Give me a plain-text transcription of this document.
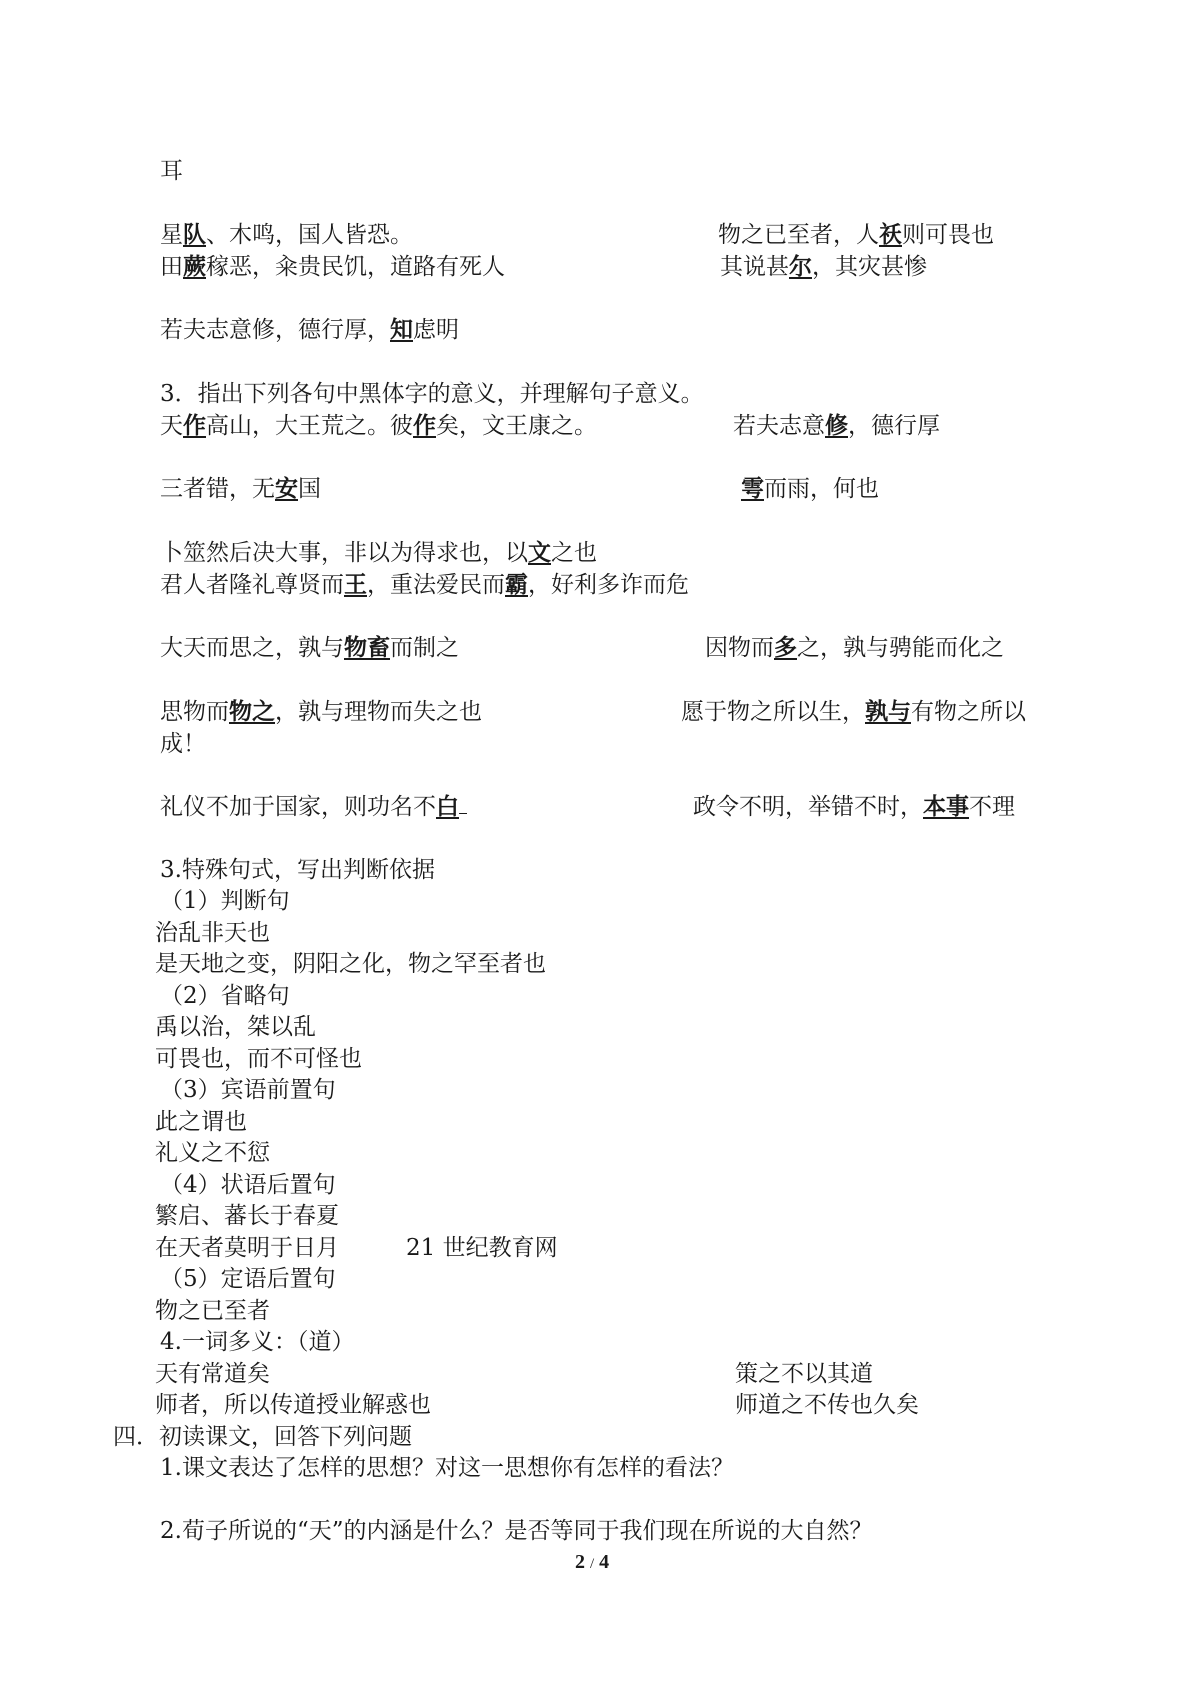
耳
星队、木鸣，国人皆恐。	物之已至者，人祅则可畏也
田蕨稼恶，籴贵民饥，道路有死人	其说甚尔，其灾甚惨
若夫志意修，德行厚，知虑明
3．指出下列各句中黑体字的意义，并理解句子意义。
天作高山，大王荒之。彼作矣，文王康之。	若夫志意修，德行厚
三者错，无安国	雩而雨，何也
卜筮然后决大事，非以为得求也，以文之也
君人者隆礼尊贤而王，重法爱民而霸，好利多诈而危
大天而思之，孰与物畜而制之	因物而多之，孰与骋能而化之
思物而物之，孰与理物而失之也	愿于物之所以生，孰与有物之所以
成！
礼仪不加于国家，则功名不白	政令不明，举错不时，本事不理
3.特殊句式，写出判断依据
（1）判断句
治乱非天也
是天地之变，阴阳之化，物之罕至者也
（2）省略句
禹以治，桀以乱
可畏也，而不可怪也
（3）宾语前置句
此之谓也
礼义之不愆
（4）状语后置句
繁启、蕃长于春夏
在天者莫明于日月	21 世纪教育网
（5）定语后置句
物之已至者
4.一词多义：（道）
天有常道矣	策之不以其道
师者，所以传道授业解惑也	师道之不传也久矣
四．初读课文，回答下列问题
1.课文表达了怎样的思想？对这一思想你有怎样的看法？
2.荀子所说的“天”的内涵是什么？是否等同于我们现在所说的大自然？
2 / 4
